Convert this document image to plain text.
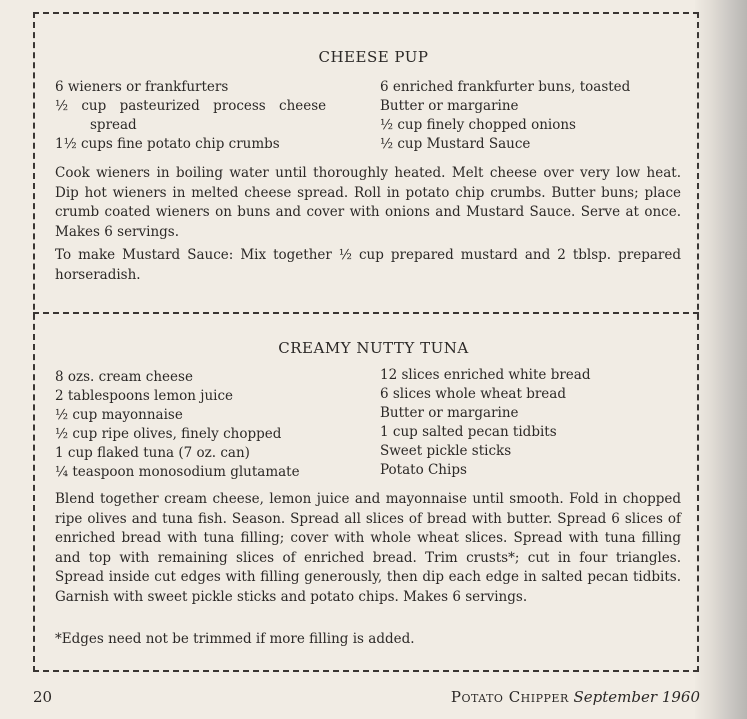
CHEESE PUP
6 wieners or frankfurters
½ cup pasteurized process cheese
spread
1½ cups fine potato chip crumbs
6 enriched frankfurter buns, toasted
Butter or margarine
½ cup finely chopped onions
½ cup Mustard Sauce
Cook wieners in boiling water until thoroughly heated. Melt cheese over very low heat. Dip hot wieners in melted cheese spread. Roll in potato chip crumbs. Butter buns; place crumb coated wieners on buns and cover with onions and Mustard Sauce. Serve at once. Makes 6 servings.
To make Mustard Sauce: Mix together ½ cup prepared mustard and 2 tblsp. prepared horseradish.
CREAMY NUTTY TUNA
8 ozs. cream cheese
2 tablespoons lemon juice
½ cup mayonnaise
½ cup ripe olives, finely chopped
1 cup flaked tuna (7 oz. can)
¼ teaspoon monosodium glutamate
12 slices enriched white bread
6 slices whole wheat bread
Butter or margarine
1 cup salted pecan tidbits
Sweet pickle sticks
Potato Chips
Blend together cream cheese, lemon juice and mayonnaise until smooth. Fold in chopped ripe olives and tuna fish. Season. Spread all slices of bread with butter. Spread 6 slices of enriched bread with tuna filling; cover with whole wheat slices. Spread with tuna filling and top with remaining slices of enriched bread. Trim crusts*; cut in four triangles. Spread inside cut edges with filling generously, then dip each edge in salted pecan tidbits. Garnish with sweet pickle sticks and potato chips. Makes 6 servings.
*Edges need not be trimmed if more filling is added.
20	Potato Chipper September 1960
